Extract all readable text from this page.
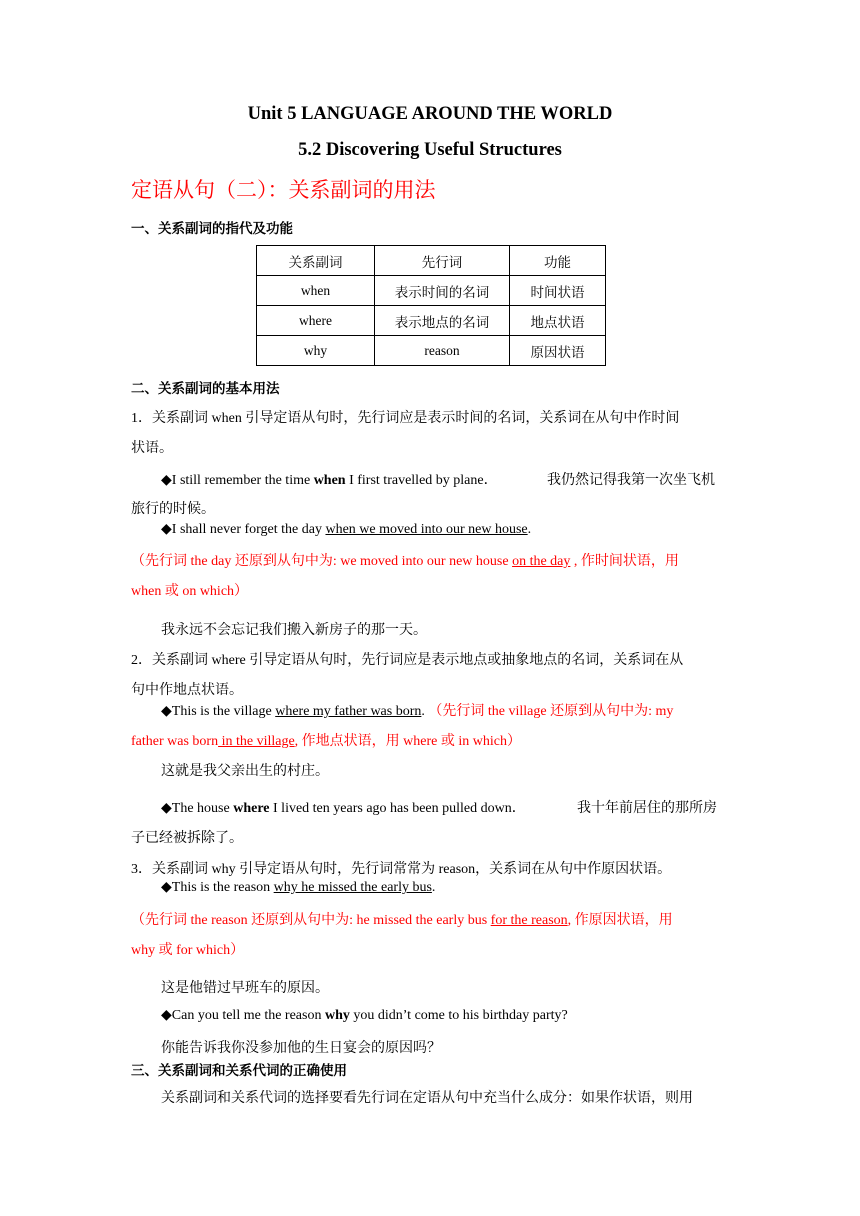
Unit 5 LANGUAGE AROUND THE WORLD
5.2 Discovering Useful Structures
定语从句（二）：关系副词的用法
一、关系副词的指代及功能
关系副词	先行词	功能
when	表示时间的名词	时间状语
where	表示地点的名词	地点状语
why	reason	原因状语
二、关系副词的基本用法
1．关系副词 when 引导定语从句时，先行词应是表示时间的名词，关系词在从句中作时间
状语。
◆I still remember the time when I first travelled by plane．	我仍然记得我第一次坐飞机
旅行的时候。
◆I shall never forget the day when we moved into our new house.
（先行词 the day 还原到从句中为: we moved into our new house on the day , 作时间状语，用
when 或 on which）
我永远不会忘记我们搬入新房子的那一天。
2．关系副词 where 引导定语从句时，先行词应是表示地点或抽象地点的名词，关系词在从
句中作地点状语。
◆This is the village where my father was born. （先行词 the village 还原到从句中为: my
father was born in the village, 作地点状语，用 where 或 in which）
这就是我父亲出生的村庄。
◆The house where I lived ten years ago has been pulled down．	我十年前居住的那所房
子已经被拆除了。
3．关系副词 why 引导定语从句时，先行词常常为 reason，关系词在从句中作原因状语。
◆This is the reason why he missed the early bus.
（先行词 the reason 还原到从句中为: he missed the early bus for the reason, 作原因状语，用
why 或 for which）
这是他错过早班车的原因。
◆Can you tell me the reason why you didn’t come to his birthday party?
你能告诉我你没参加他的生日宴会的原因吗？
三、关系副词和关系代词的正确使用
关系副词和关系代词的选择要看先行词在定语从句中充当什么成分：如果作状语，则用
